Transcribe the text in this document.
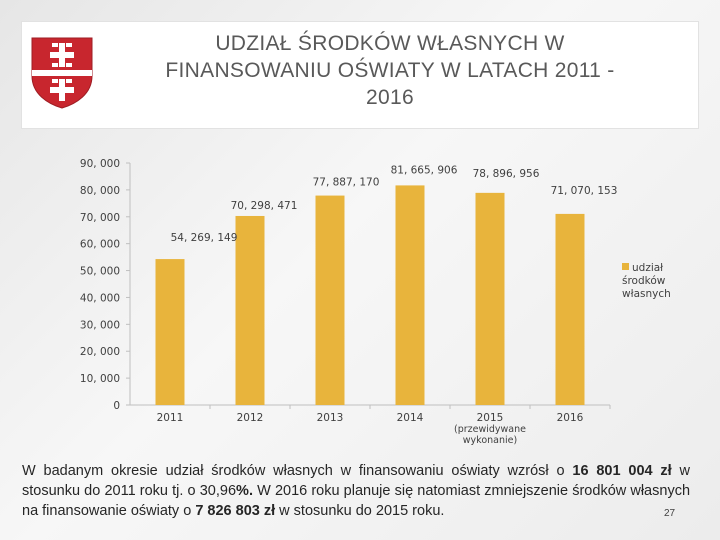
UDZIAŁ ŚRODKÓW WŁASNYCH W FINANSOWANIU OŚWIATY W LATACH 2011 - 2016
0
10, 000
20, 000
30, 000
40, 000
50, 000
60, 000
70, 000
80, 000
90, 000
2011	2012	2013	2014	2015
(przewidywane
wykonanie)
2016
54, 269, 149
70, 298, 471
77, 887, 170
81, 665, 906 78, 896, 956
71, 070, 153
udział środków własnych
W badanym okresie udział środków własnych w finansowaniu oświaty wzrósł o 16 801 004 zł w stosunku do 2011 roku tj. o 30,96%. W 2016 roku planuje się natomiast zmniejszenie środków własnych na finansowanie oświaty o 7 826 803 zł w stosunku do 2015 roku.	27
